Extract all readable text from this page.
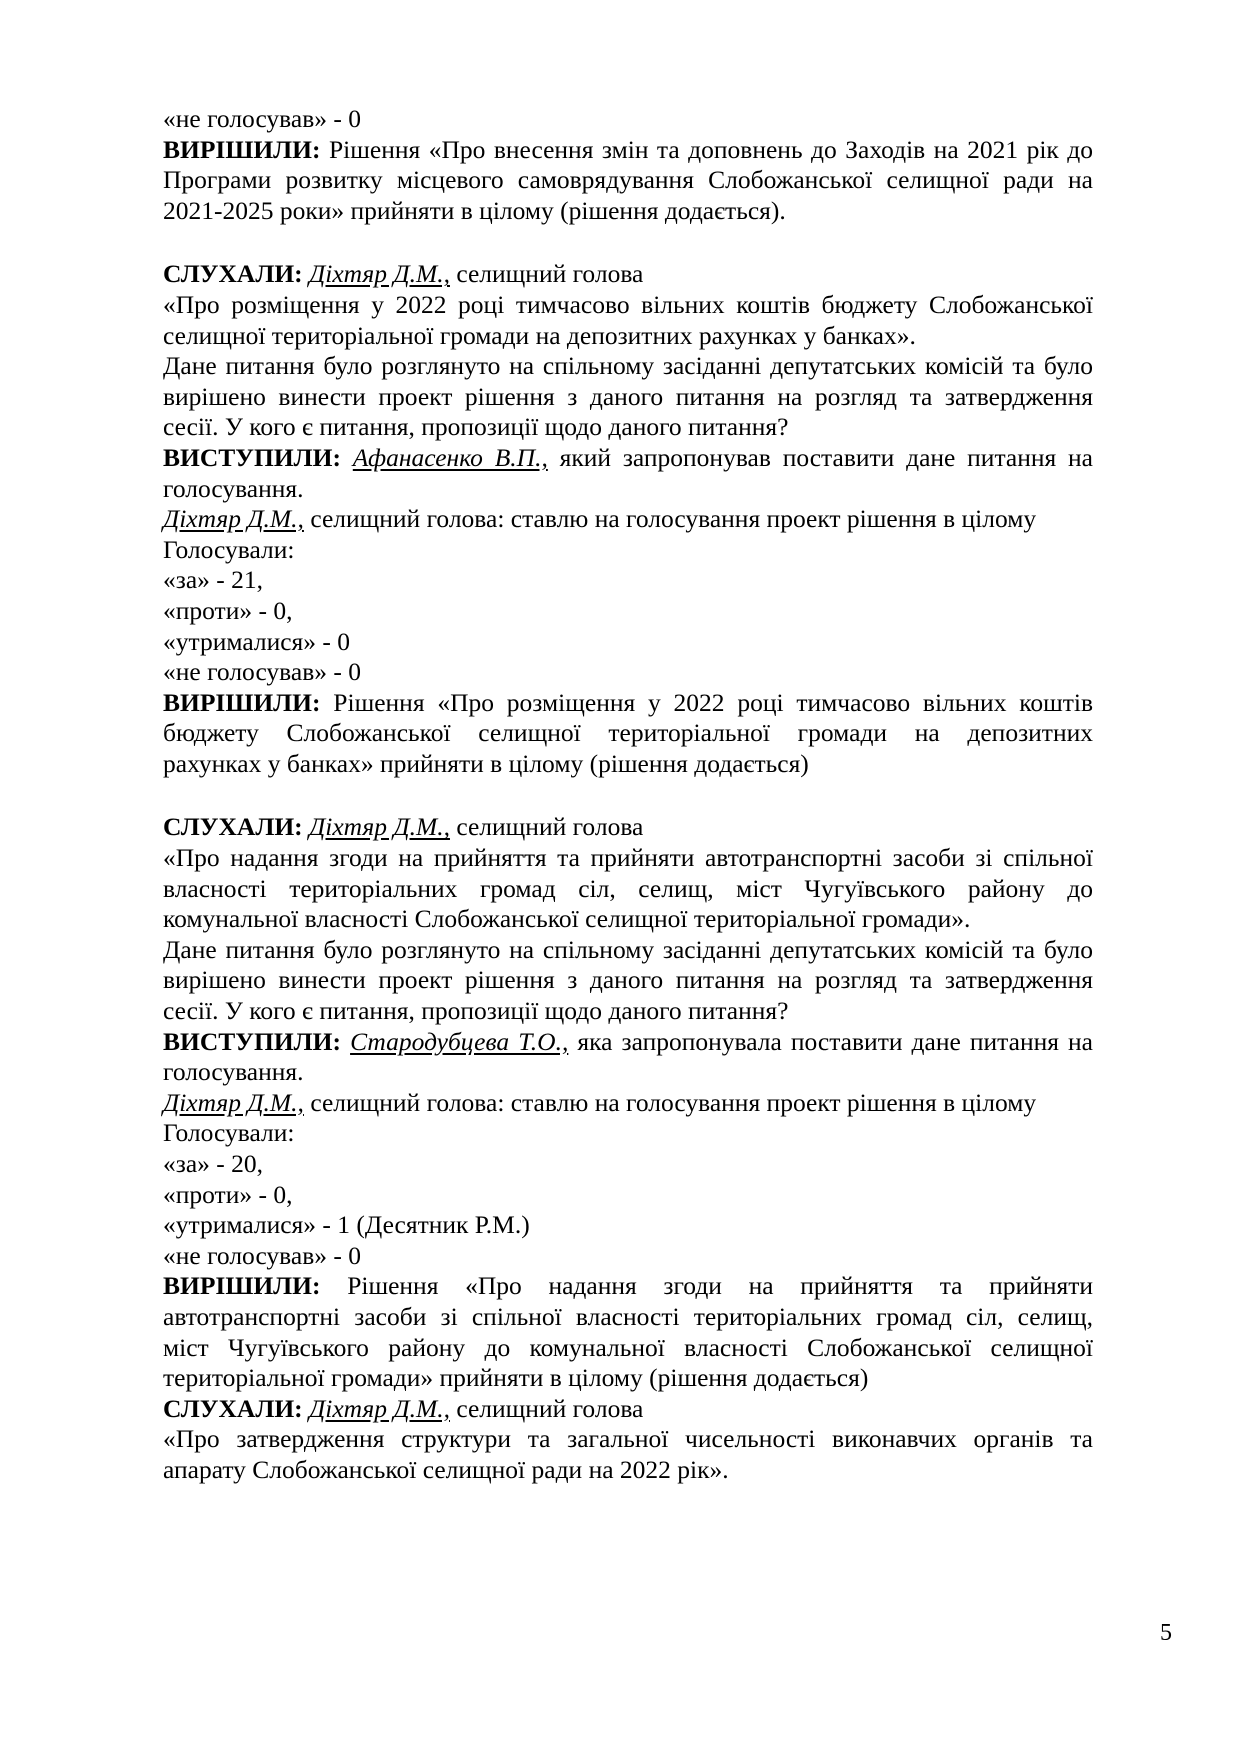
«не голосував» - 0
ВИРІШИЛИ: Рішення «Про внесення змін та доповнень до Заходів на 2021 рік до
Програми розвитку місцевого самоврядування Слобожанської селищної ради на
2021-2025 роки» прийняти в цілому (рішення додається).
СЛУХАЛИ: Діхтяр Д.М., селищний голова
«Про розміщення у 2022 році тимчасово вільних коштів бюджету Слобожанської
селищної територіальної громади на депозитних рахунках у банках».
Дане питання було розглянуто на спільному засіданні депутатських комісій та було
вирішено винести проект рішення з даного питання на розгляд та затвердження
сесії. У кого є питання, пропозиції щодо даного питання?
ВИСТУПИЛИ: Афанасенко В.П., який запропонував поставити дане питання на
голосування.
Діхтяр Д.М., селищний голова: ставлю на голосування проект рішення в цілому
Голосували:
«за» - 21,
«проти» - 0,
«утрималися» - 0
«не голосував» - 0
ВИРІШИЛИ: Рішення «Про розміщення у 2022 році тимчасово вільних коштів
бюджету Слобожанської селищної територіальної громади на депозитних
рахунках у банках» прийняти в цілому (рішення додається)
СЛУХАЛИ: Діхтяр Д.М., селищний голова
«Про надання згоди на прийняття та прийняти автотранспортні засоби зі спільної
власності територіальних громад сіл, селищ, міст Чугуївського району до
комунальної власності Слобожанської селищної територіальної громади».
Дане питання було розглянуто на спільному засіданні депутатських комісій та було
вирішено винести проект рішення з даного питання на розгляд та затвердження
сесії. У кого є питання, пропозиції щодо даного питання?
ВИСТУПИЛИ: Стародубцева Т.О., яка запропонувала поставити дане питання на
голосування.
Діхтяр Д.М., селищний голова: ставлю на голосування проект рішення в цілому
Голосували:
«за» - 20,
«проти» - 0,
«утрималися» - 1 (Десятник Р.М.)
«не голосував» - 0
ВИРІШИЛИ: Рішення «Про надання згоди на прийняття та прийняти
автотранспортні засоби зі спільної власності територіальних громад сіл, селищ,
міст Чугуївського району до комунальної власності Слобожанської селищної
територіальної громади» прийняти в цілому (рішення додається)
СЛУХАЛИ: Діхтяр Д.М., селищний голова
«Про затвердження структури та загальної чисельності виконавчих органів та
апарату Слобожанської селищної ради на 2022 рік».
5
